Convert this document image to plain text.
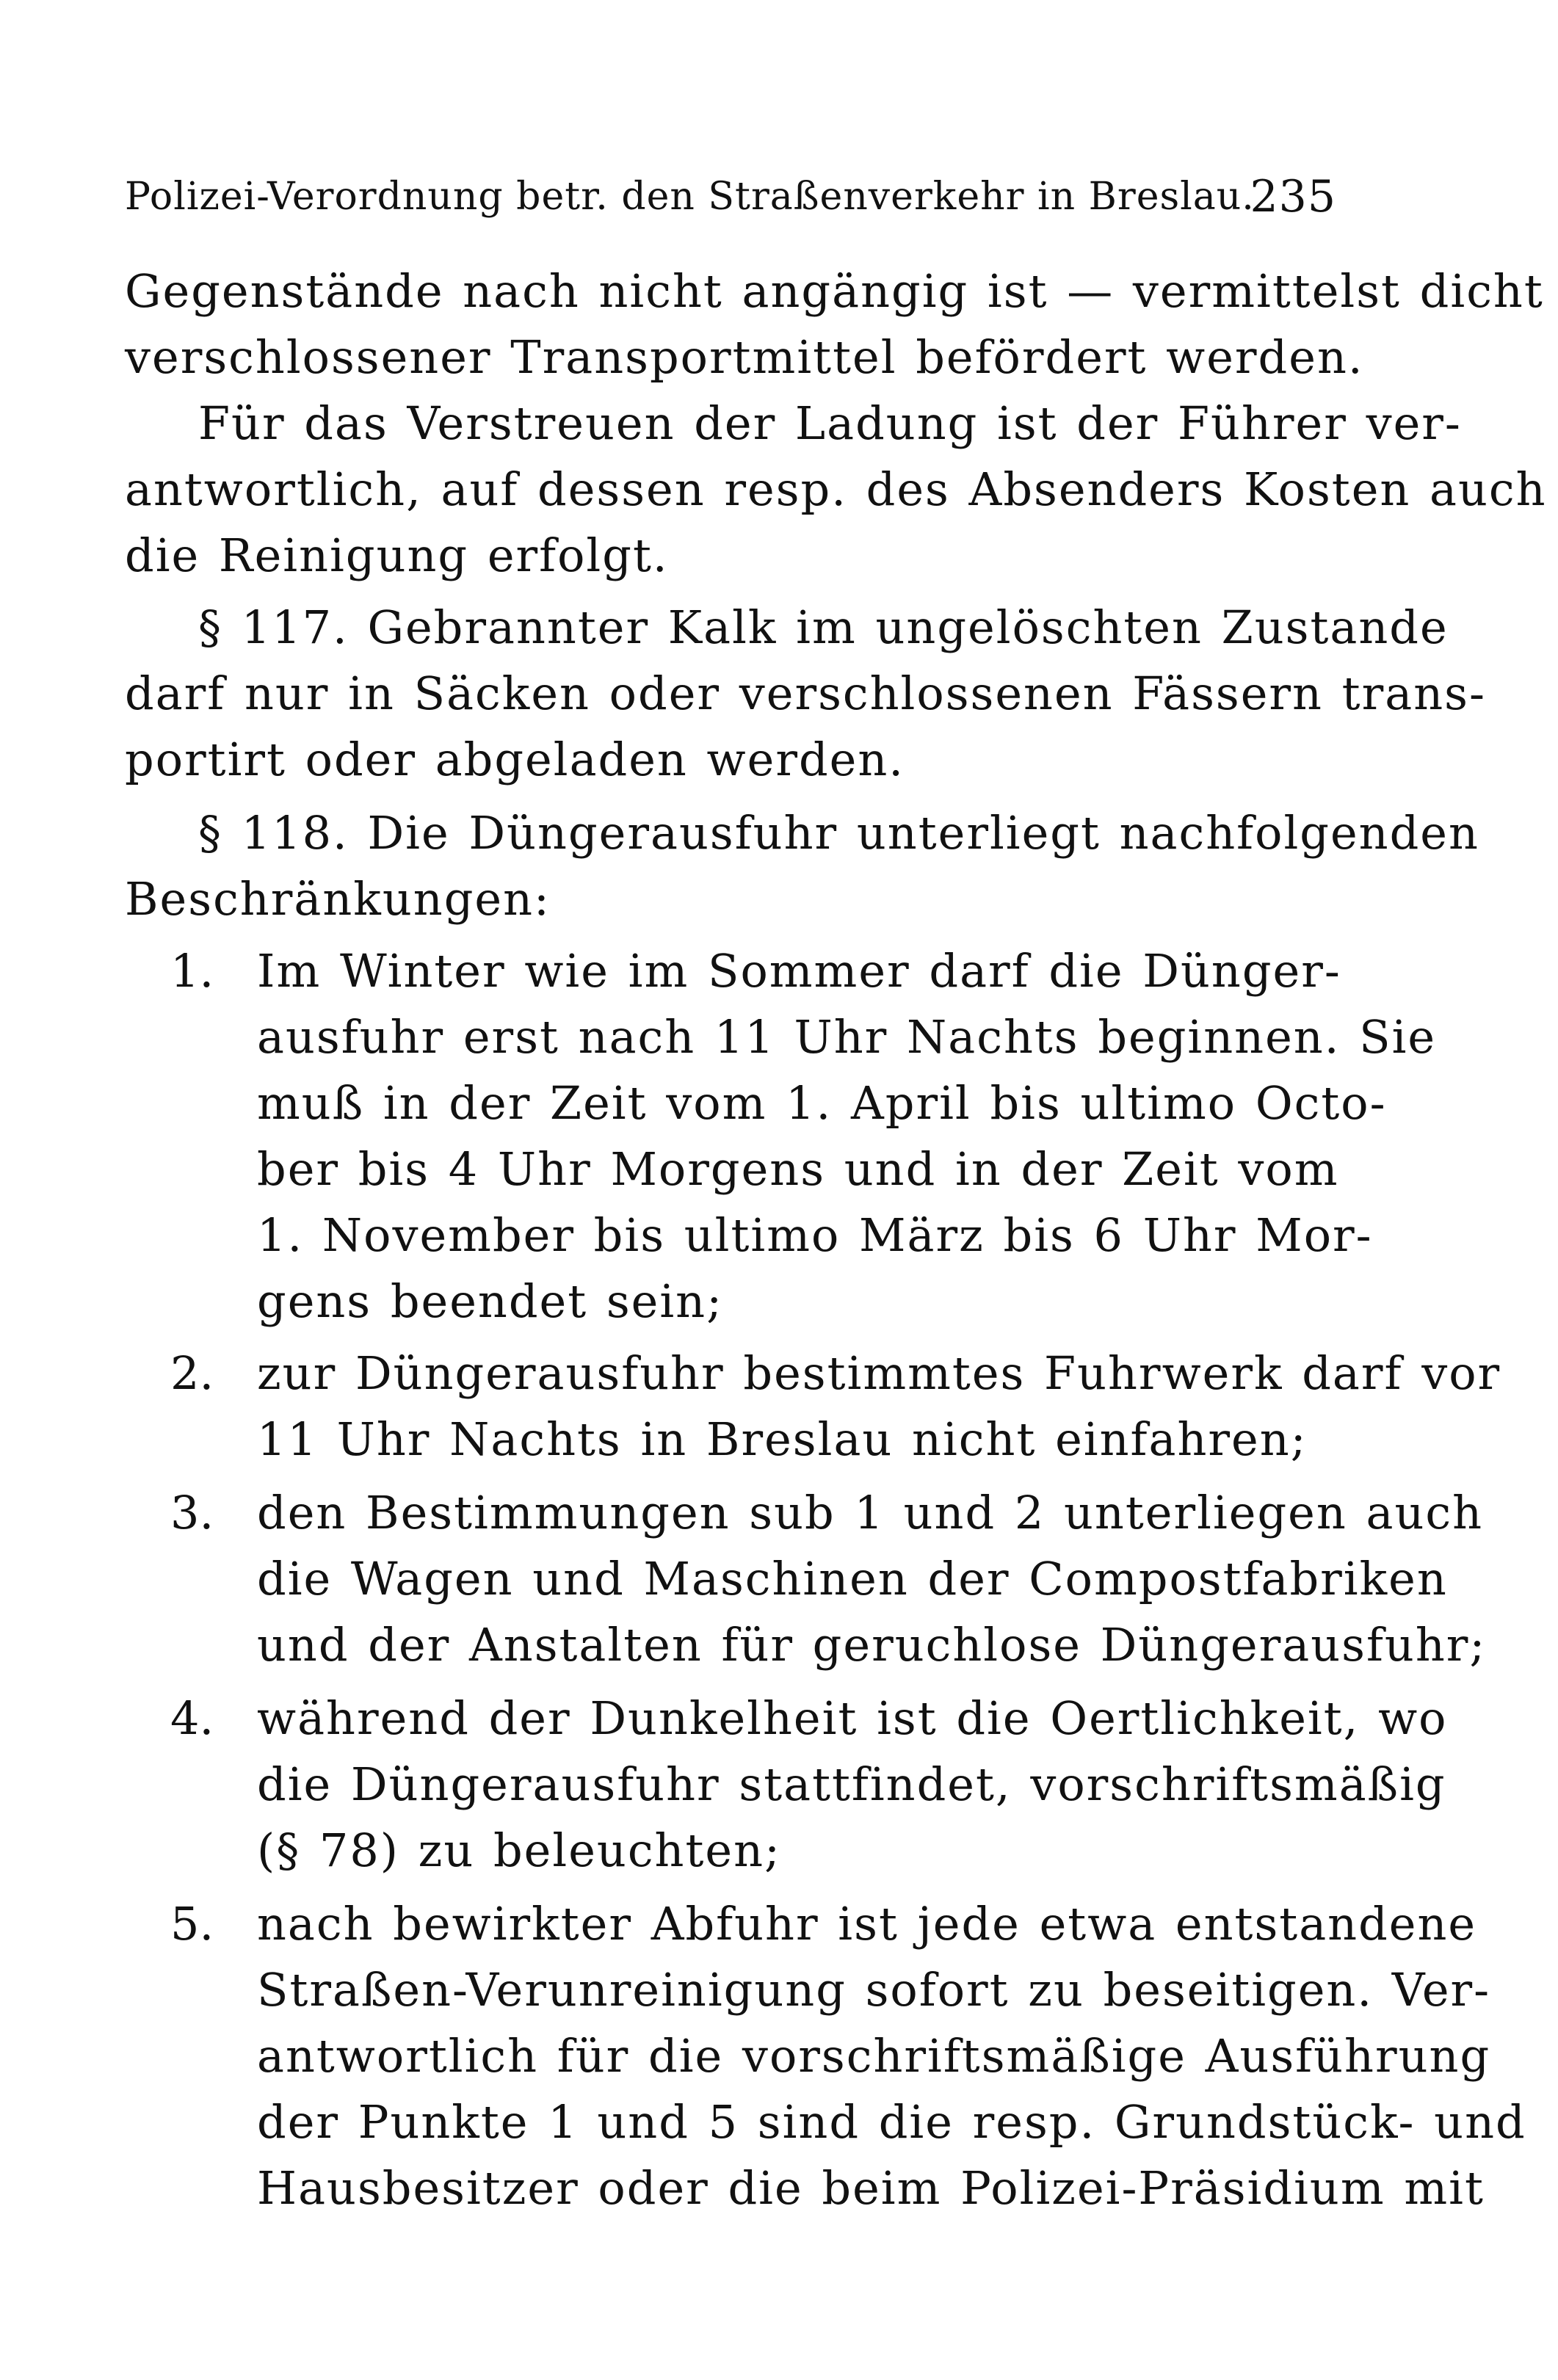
Polizei-Verordnung betr. den Straßenverkehr in Breslau.
235
Gegenstände nach nicht angängig ist — vermittelst dicht
verschlossener Transportmittel befördert werden.
Für das Verstreuen der Ladung ist der Führer ver-
antwortlich, auf dessen resp. des Absenders Kosten auch
die Reinigung erfolgt.
§ 117. Gebrannter Kalk im ungelöschten Zustande
darf nur in Säcken oder verschlossenen Fässern trans-
portirt oder abgeladen werden.
§ 118. Die Düngerausfuhr unterliegt nachfolgenden
Beschränkungen:
1. Im Winter wie im Sommer darf die Dünger-
ausfuhr erst nach 11 Uhr Nachts beginnen. Sie
muß in der Zeit vom 1. April bis ultimo Octo-
ber bis 4 Uhr Morgens und in der Zeit vom
1. November bis ultimo März bis 6 Uhr Mor-
gens beendet sein;
2. zur Düngerausfuhr bestimmtes Fuhrwerk darf vor
11 Uhr Nachts in Breslau nicht einfahren;
3. den Bestimmungen sub 1 und 2 unterliegen auch
die Wagen und Maschinen der Compostfabriken
und der Anstalten für geruchlose Düngerausfuhr;
4. während der Dunkelheit ist die Oertlichkeit, wo
die Düngerausfuhr stattfindet, vorschriftsmäßig
(§ 78) zu beleuchten;
5. nach bewirkter Abfuhr ist jede etwa entstandene
Straßen-Verunreinigung sofort zu beseitigen. Ver-
antwortlich für die vorschriftsmäßige Ausführung
der Punkte 1 und 5 sind die resp. Grundstück- und
Hausbesitzer oder die beim Polizei-Präsidium mit
